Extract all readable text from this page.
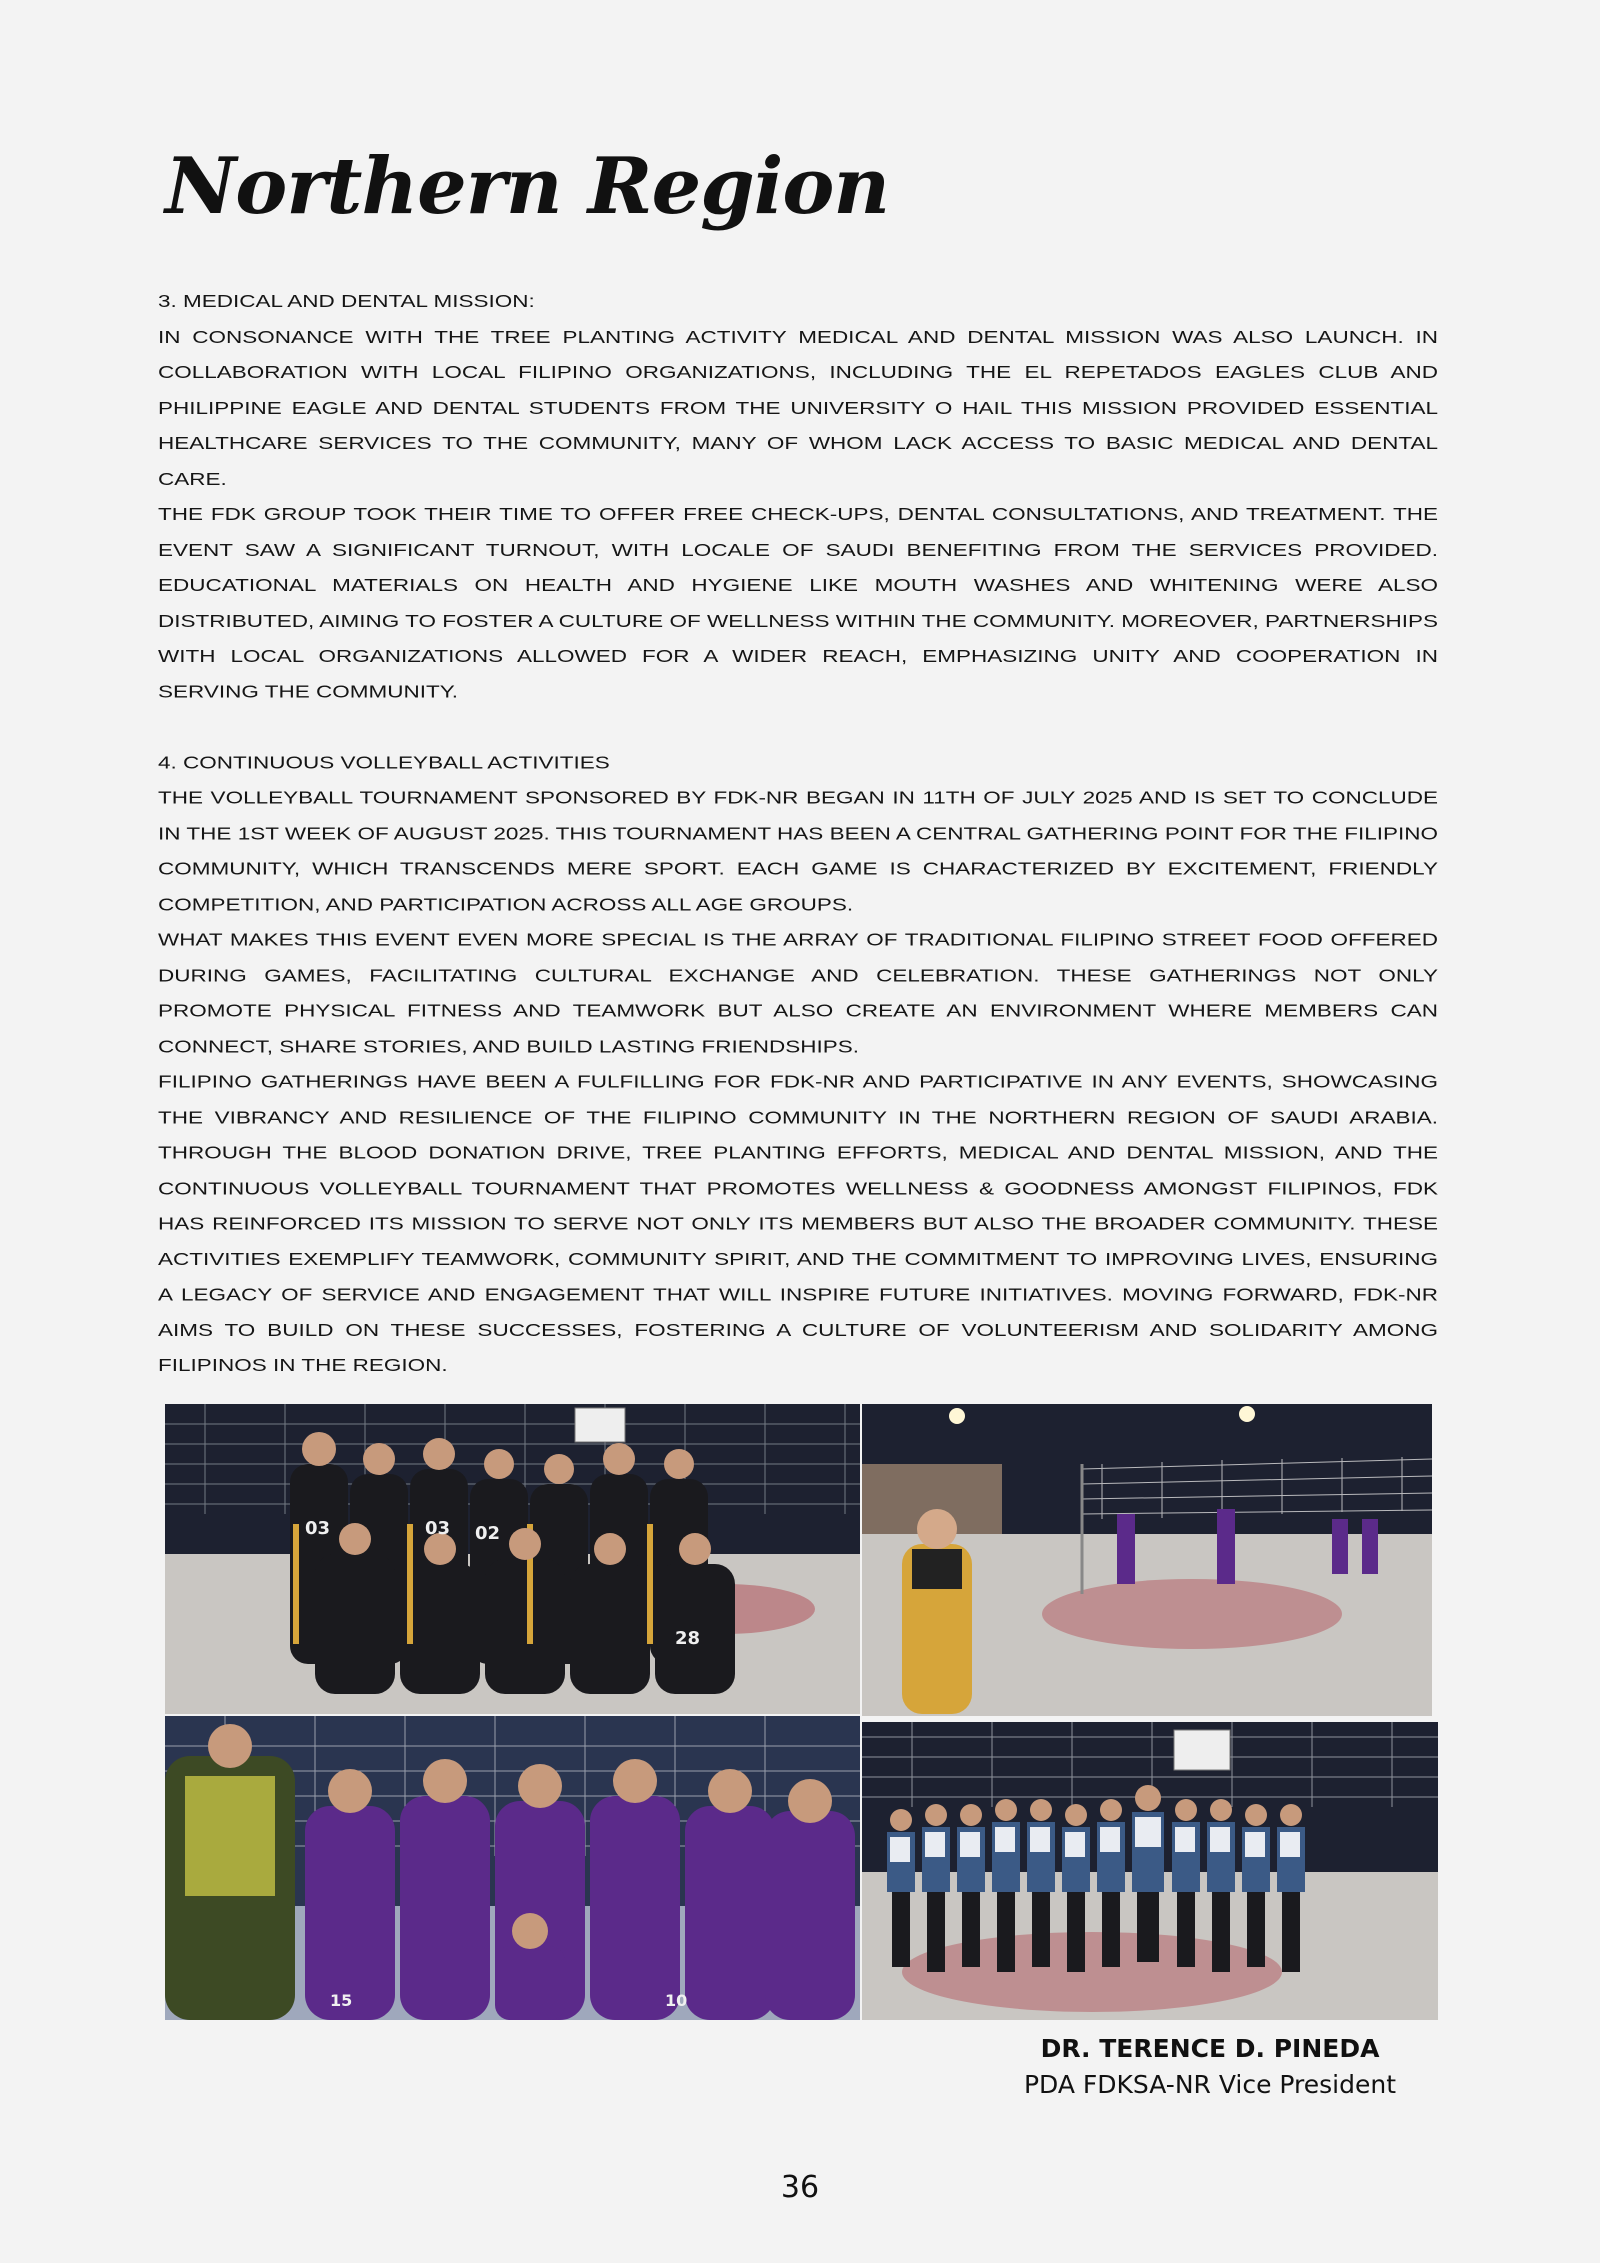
Northern Region

3. MEDICAL AND DENTAL MISSION:

IN CONSONANCE WITH THE TREE PLANTING ACTIVITY MEDICAL AND DENTAL MISSION WAS ALSO LAUNCH. IN COLLABORATION WITH LOCAL FILIPINO ORGANIZATIONS, INCLUDING THE EL REPETADOS EAGLES CLUB AND PHILIPPINE EAGLE AND DENTAL STUDENTS FROM THE UNIVERSITY O HAIL THIS MISSION PROVIDED ESSENTIAL HEALTHCARE SERVICES TO THE COMMUNITY, MANY OF WHOM LACK ACCESS TO BASIC MEDICAL AND DENTAL CARE.

THE FDK GROUP TOOK THEIR TIME TO OFFER FREE CHECK-UPS, DENTAL CONSULTATIONS, AND TREATMENT. THE EVENT SAW A SIGNIFICANT TURNOUT, WITH LOCALE OF SAUDI BENEFITING FROM THE SERVICES PROVIDED. EDUCATIONAL MATERIALS ON HEALTH AND HYGIENE LIKE MOUTH WASHES AND WHITENING WERE ALSO DISTRIBUTED, AIMING TO FOSTER A CULTURE OF WELLNESS WITHIN THE COMMUNITY. MOREOVER, PARTNERSHIPS WITH LOCAL ORGANIZATIONS ALLOWED FOR A WIDER REACH, EMPHASIZING UNITY AND COOPERATION IN SERVING THE COMMUNITY.

4. CONTINUOUS VOLLEYBALL ACTIVITIES

THE VOLLEYBALL TOURNAMENT SPONSORED BY FDK-NR BEGAN IN 11TH OF JULY 2025 AND IS SET TO CONCLUDE IN THE 1ST WEEK OF AUGUST 2025. THIS TOURNAMENT HAS BEEN A CENTRAL GATHERING POINT FOR THE FILIPINO COMMUNITY, WHICH TRANSCENDS MERE SPORT. EACH GAME IS CHARACTERIZED BY EXCITEMENT, FRIENDLY COMPETITION, AND PARTICIPATION ACROSS ALL AGE GROUPS.

WHAT MAKES THIS EVENT EVEN MORE SPECIAL IS THE ARRAY OF TRADITIONAL FILIPINO STREET FOOD OFFERED DURING GAMES, FACILITATING CULTURAL EXCHANGE AND CELEBRATION. THESE GATHERINGS NOT ONLY PROMOTE PHYSICAL FITNESS AND TEAMWORK BUT ALSO CREATE AN ENVIRONMENT WHERE MEMBERS CAN CONNECT, SHARE STORIES, AND BUILD LASTING FRIENDSHIPS.

FILIPINO GATHERINGS HAVE BEEN A FULFILLING FOR FDK-NR AND PARTICIPATIVE IN ANY EVENTS, SHOWCASING THE VIBRANCY AND RESILIENCE OF THE FILIPINO COMMUNITY IN THE NORTHERN REGION OF SAUDI ARABIA. THROUGH THE BLOOD DONATION DRIVE, TREE PLANTING EFFORTS, MEDICAL AND DENTAL MISSION, AND THE CONTINUOUS VOLLEYBALL TOURNAMENT THAT PROMOTES WELLNESS & GOODNESS AMONGST FILIPINOS, FDK HAS REINFORCED ITS MISSION TO SERVE NOT ONLY ITS MEMBERS BUT ALSO THE BROADER COMMUNITY. THESE ACTIVITIES EXEMPLIFY TEAMWORK, COMMUNITY SPIRIT, AND THE COMMITMENT TO IMPROVING LIVES, ENSURING A LEGACY OF SERVICE AND ENGAGEMENT THAT WILL INSPIRE FUTURE INITIATIVES. MOVING FORWARD, FDK-NR AIMS TO BUILD ON THESE SUCCESSES, FOSTERING A CULTURE OF VOLUNTEERISM AND SOLIDARITY AMONG FILIPINOS IN THE REGION.

03	03 02
28
15	10
DR. TERENCE D. PINEDA
PDA FDKSA-NR Vice President
36
